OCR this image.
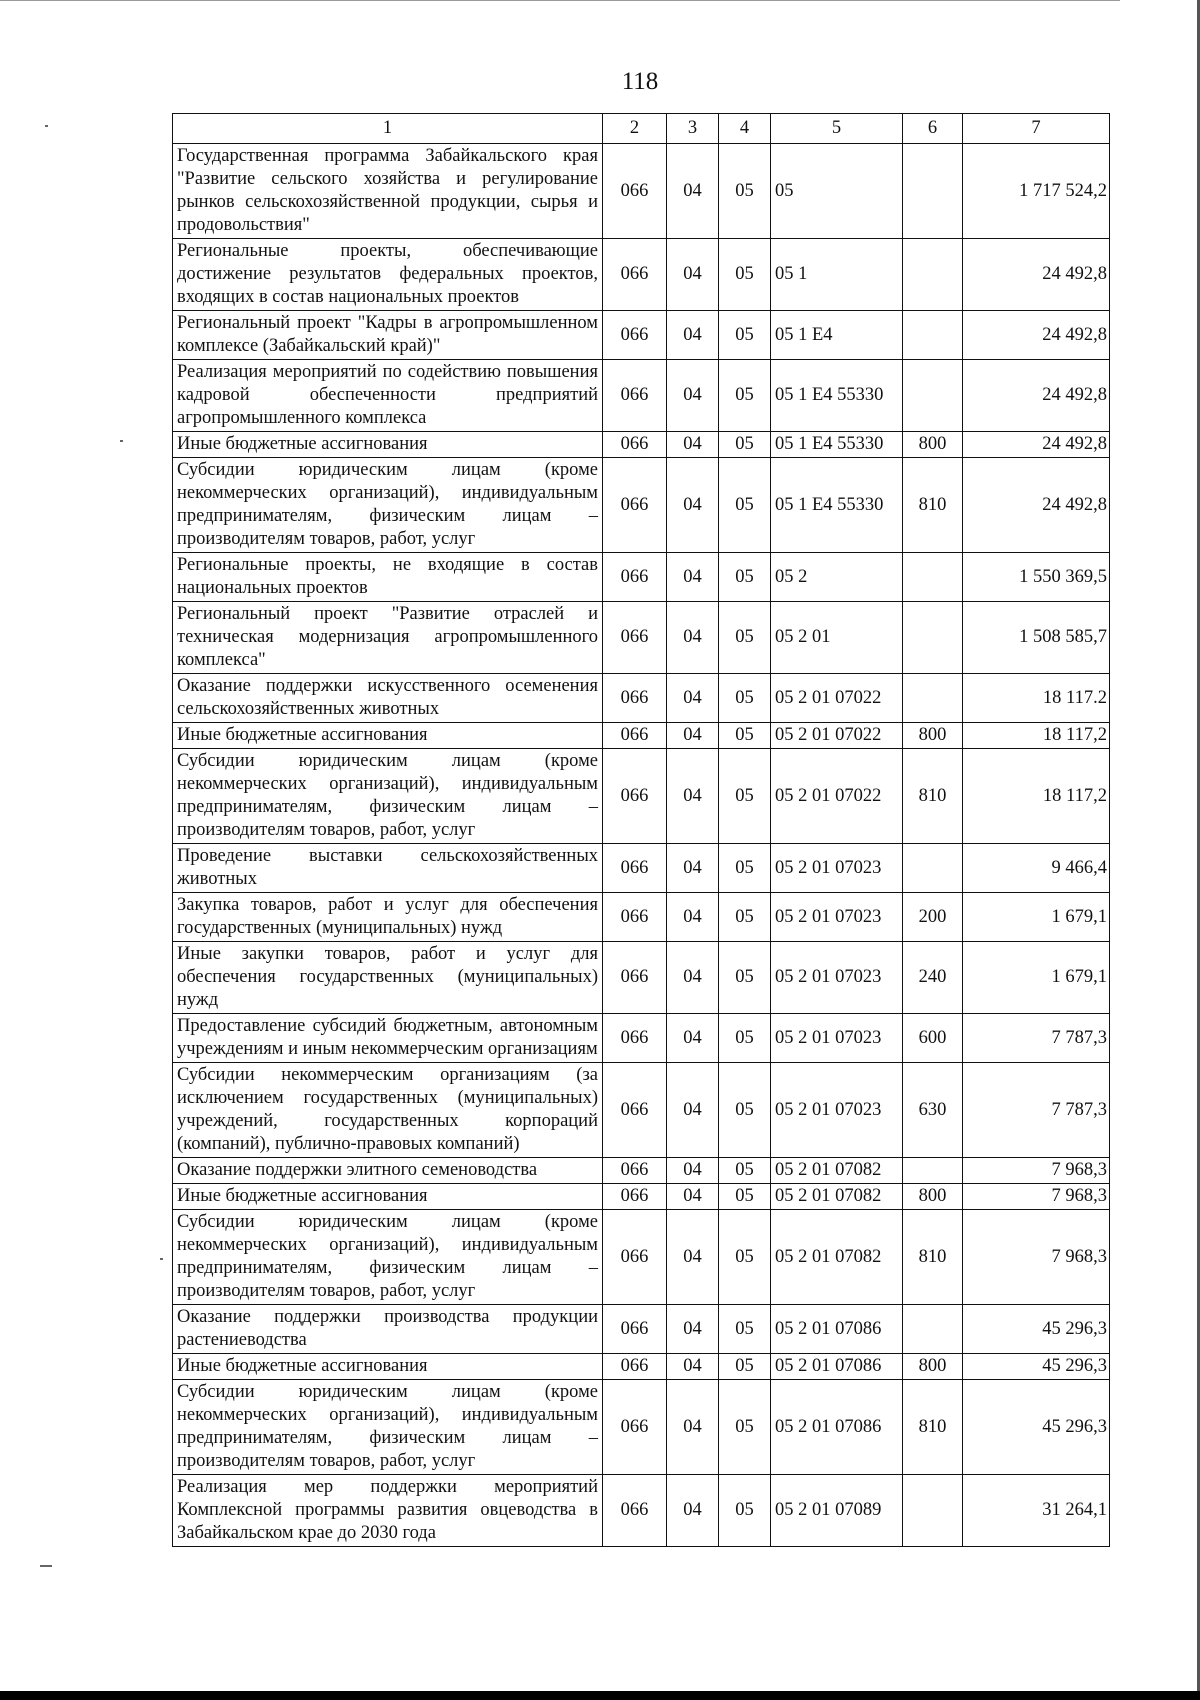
118
1	2	3	4	5	6	7
Государственная программа Забайкальского края "Развитие сельского хозяйства и регулирование рынков сельскохозяйственной продукции, сырья и продовольствия"	066	04	05	05		1 717 524,2
Региональные проекты, обеспечивающие достижение результатов федеральных проектов, входящих в состав национальных проектов	066	04	05	05 1		24 492,8
Региональный проект "Кадры в агропромышленном комплексе (Забайкальский край)"	066	04	05	05 1 E4		24 492,8
Реализация мероприятий по содействию повышения кадровой обеспеченности предприятий агропромышленного комплекса	066	04	05	05 1 E4 55330		24 492,8
Иные бюджетные ассигнования	066	04	05	05 1 E4 55330	800	24 492,8
Субсидии юридическим лицам (кроме некоммерческих организаций), индивидуальным предпринимателям, физическим лицам – производителям товаров, работ, услуг	066	04	05	05 1 E4 55330	810	24 492,8
Региональные проекты, не входящие в состав национальных проектов	066	04	05	05 2		1 550 369,5
Региональный проект "Развитие отраслей и техническая модернизация агропромышленного комплекса"	066	04	05	05 2 01		1 508 585,7
Оказание поддержки искусственного осеменения сельскохозяйственных животных	066	04	05	05 2 01 07022		18 117.2
Иные бюджетные ассигнования	066	04	05	05 2 01 07022	800	18 117,2
Субсидии юридическим лицам (кроме некоммерческих организаций), индивидуальным предпринимателям, физическим лицам – производителям товаров, работ, услуг	066	04	05	05 2 01 07022	810	18 117,2
Проведение выставки сельскохозяйственных животных	066	04	05	05 2 01 07023		9 466,4
Закупка товаров, работ и услуг для обеспечения государственных (муниципальных) нужд	066	04	05	05 2 01 07023	200	1 679,1
Иные закупки товаров, работ и услуг для обеспечения государственных (муниципальных) нужд	066	04	05	05 2 01 07023	240	1 679,1
Предоставление субсидий бюджетным, автономным учреждениям и иным некоммерческим организациям	066	04	05	05 2 01 07023	600	7 787,3
Субсидии некоммерческим организациям (за исключением государственных (муниципальных) учреждений, государственных корпораций (компаний), публично-правовых компаний)	066	04	05	05 2 01 07023	630	7 787,3
Оказание поддержки элитного семеноводства	066	04	05	05 2 01 07082		7 968,3
Иные бюджетные ассигнования	066	04	05	05 2 01 07082	800	7 968,3
Субсидии юридическим лицам (кроме некоммерческих организаций), индивидуальным предпринимателям, физическим лицам – производителям товаров, работ, услуг	066	04	05	05 2 01 07082	810	7 968,3
Оказание поддержки производства продукции растениеводства	066	04	05	05 2 01 07086		45 296,3
Иные бюджетные ассигнования	066	04	05	05 2 01 07086	800	45 296,3
Субсидии юридическим лицам (кроме некоммерческих организаций), индивидуальным предпринимателям, физическим лицам – производителям товаров, работ, услуг	066	04	05	05 2 01 07086	810	45 296,3
Реализация мер поддержки мероприятий Комплексной программы развития овцеводства в Забайкальском крае до 2030 года	066	04	05	05 2 01 07089		31 264,1
